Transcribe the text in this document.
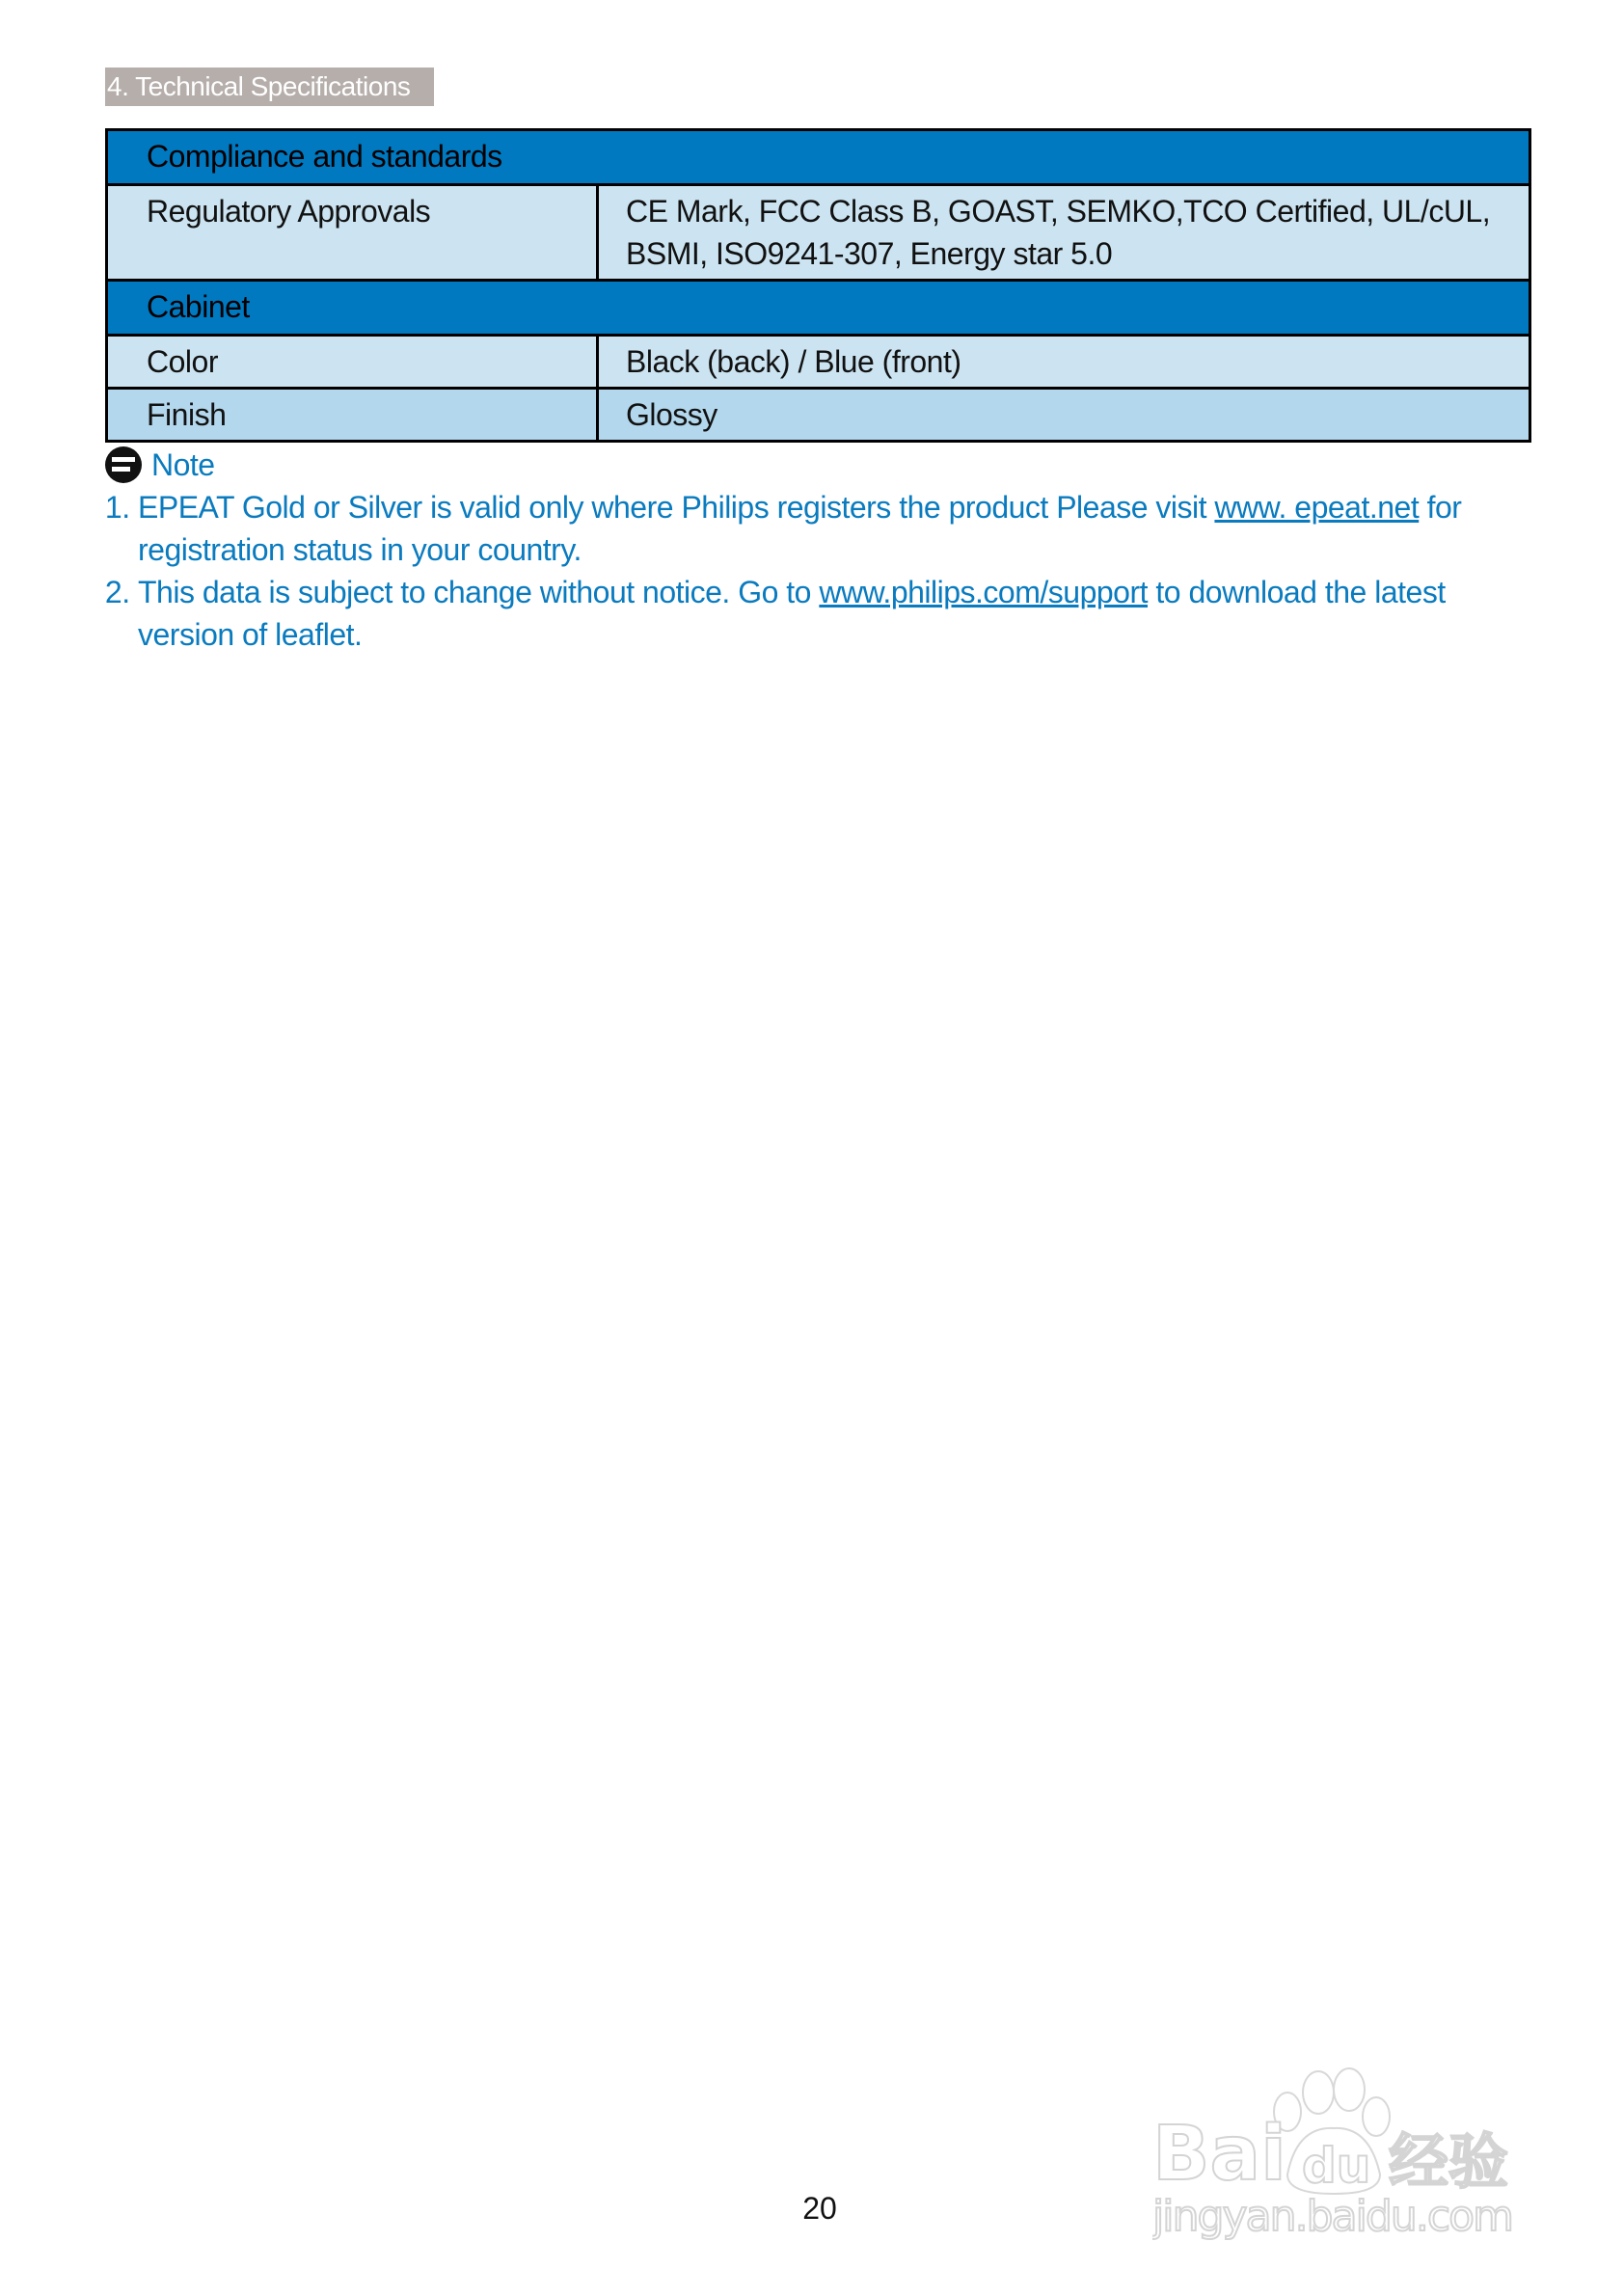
4. Technical Specifications
Compliance and standards	
Regulatory Approvals	CE Mark, FCC Class B, GOAST, SEMKO,TCO Certified, UL/cUL, BSMI, ISO9241-307, Energy star 5.0
Cabinet	
Color	Black (back) / Blue (front)
Finish	Glossy
Note
1. EPEAT Gold or Silver is valid only where Philips registers the product Please visit www. epeat.net for registration status in your country.
2. This data is subject to change without notice. Go to www.philips.com/support to download the latest version of leaflet.
20
Bai du 经验
jingyan.baidu.com
